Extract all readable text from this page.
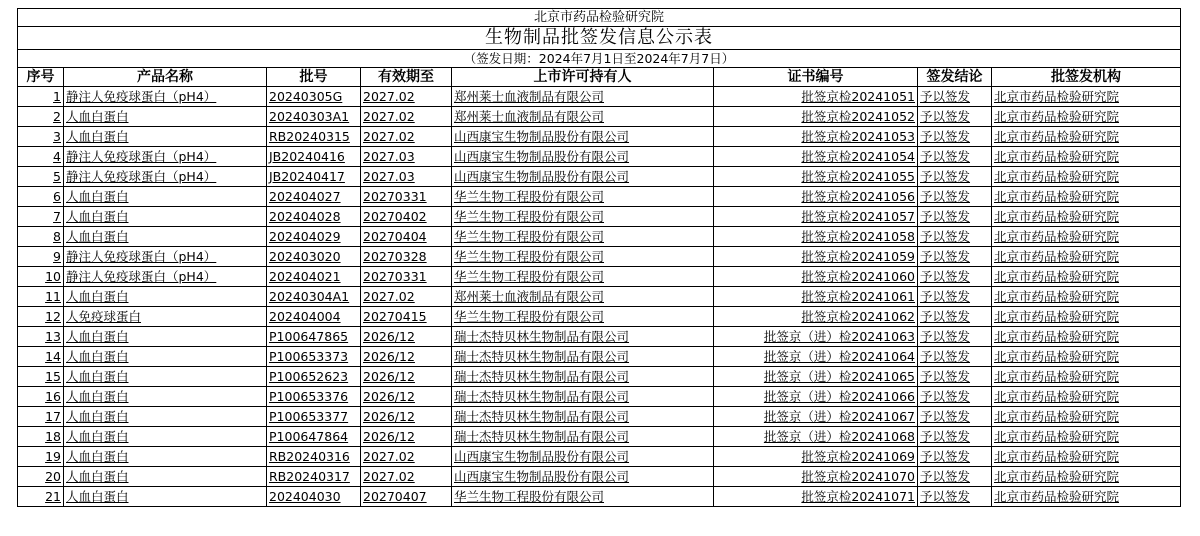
北京市药品检验研究院							
生物制品批签发信息公示表							
（签发日期：2024年7月1日至2024年7月7日）							
序号	产品名称	批号	有效期至	上市许可持有人	证书编号	签发结论	批签发机构
1	静注人免疫球蛋白（pH4）	20240305G	2027.02	郑州莱士血液制品有限公司	批签京检20241051	予以签发	北京市药品检验研究院
2	人血白蛋白	20240303A1	2027.02	郑州莱士血液制品有限公司	批签京检20241052	予以签发	北京市药品检验研究院
3	人血白蛋白	RB20240315	2027.02	山西康宝生物制品股份有限公司	批签京检20241053	予以签发	北京市药品检验研究院
4	静注人免疫球蛋白（pH4）	JB20240416	2027.03	山西康宝生物制品股份有限公司	批签京检20241054	予以签发	北京市药品检验研究院
5	静注人免疫球蛋白（pH4）	JB20240417	2027.03	山西康宝生物制品股份有限公司	批签京检20241055	予以签发	北京市药品检验研究院
6	人血白蛋白	202404027	20270331	华兰生物工程股份有限公司	批签京检20241056	予以签发	北京市药品检验研究院
7	人血白蛋白	202404028	20270402	华兰生物工程股份有限公司	批签京检20241057	予以签发	北京市药品检验研究院
8	人血白蛋白	202404029	20270404	华兰生物工程股份有限公司	批签京检20241058	予以签发	北京市药品检验研究院
9	静注人免疫球蛋白（pH4）	202403020	20270328	华兰生物工程股份有限公司	批签京检20241059	予以签发	北京市药品检验研究院
10	静注人免疫球蛋白（pH4）	202404021	20270331	华兰生物工程股份有限公司	批签京检20241060	予以签发	北京市药品检验研究院
11	人血白蛋白	20240304A1	2027.02	郑州莱士血液制品有限公司	批签京检20241061	予以签发	北京市药品检验研究院
12	人免疫球蛋白	202404004	20270415	华兰生物工程股份有限公司	批签京检20241062	予以签发	北京市药品检验研究院
13	人血白蛋白	P100647865	2026/12	瑞士杰特贝林生物制品有限公司	批签京（进）检20241063	予以签发	北京市药品检验研究院
14	人血白蛋白	P100653373	2026/12	瑞士杰特贝林生物制品有限公司	批签京（进）检20241064	予以签发	北京市药品检验研究院
15	人血白蛋白	P100652623	2026/12	瑞士杰特贝林生物制品有限公司	批签京（进）检20241065	予以签发	北京市药品检验研究院
16	人血白蛋白	P100653376	2026/12	瑞士杰特贝林生物制品有限公司	批签京（进）检20241066	予以签发	北京市药品检验研究院
17	人血白蛋白	P100653377	2026/12	瑞士杰特贝林生物制品有限公司	批签京（进）检20241067	予以签发	北京市药品检验研究院
18	人血白蛋白	P100647864	2026/12	瑞士杰特贝林生物制品有限公司	批签京（进）检20241068	予以签发	北京市药品检验研究院
19	人血白蛋白	RB20240316	2027.02	山西康宝生物制品股份有限公司	批签京检20241069	予以签发	北京市药品检验研究院
20	人血白蛋白	RB20240317	2027.02	山西康宝生物制品股份有限公司	批签京检20241070	予以签发	北京市药品检验研究院
21	人血白蛋白	202404030	20270407	华兰生物工程股份有限公司	批签京检20241071	予以签发	北京市药品检验研究院
